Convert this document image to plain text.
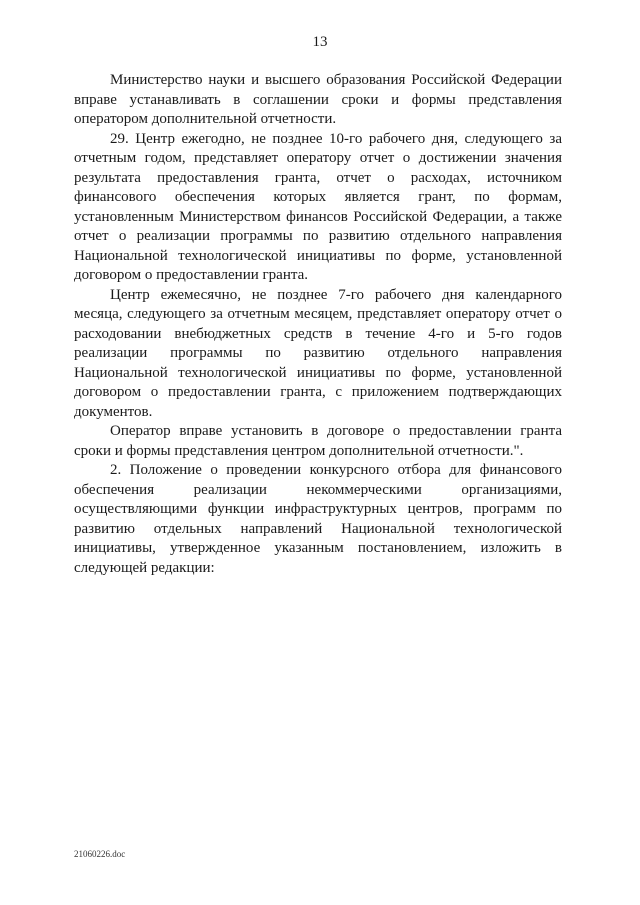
13

Министерство науки и высшего образования Российской Федерации вправе устанавливать в соглашении сроки и формы представления оператором дополнительной отчетности.

29. Центр ежегодно, не позднее 10-го рабочего дня, следующего за отчетным годом, представляет оператору отчет о достижении значения результата предоставления гранта, отчет о расходах, источником финансового обеспечения которых является грант, по формам, установленным Министерством финансов Российской Федерации, а также отчет о реализации программы по развитию отдельного направления Национальной технологической инициативы по форме, установленной договором о предоставлении гранта.

Центр ежемесячно, не позднее 7-го рабочего дня календарного месяца, следующего за отчетным месяцем, представляет оператору отчет о расходовании внебюджетных средств в течение 4-го и 5-го годов реализации программы по развитию отдельного направления Национальной технологической инициативы по форме, установленной договором о предоставлении гранта, с приложением подтверждающих документов.

Оператор вправе установить в договоре о предоставлении гранта сроки и формы представления центром дополнительной отчетности.".

2. Положение о проведении конкурсного отбора для финансового обеспечения реализации некоммерческими организациями, осуществляющими функции инфраструктурных центров, программ по развитию отдельных направлений Национальной технологической инициативы, утвержденное указанным постановлением, изложить в следующей редакции:

21060226.doc
